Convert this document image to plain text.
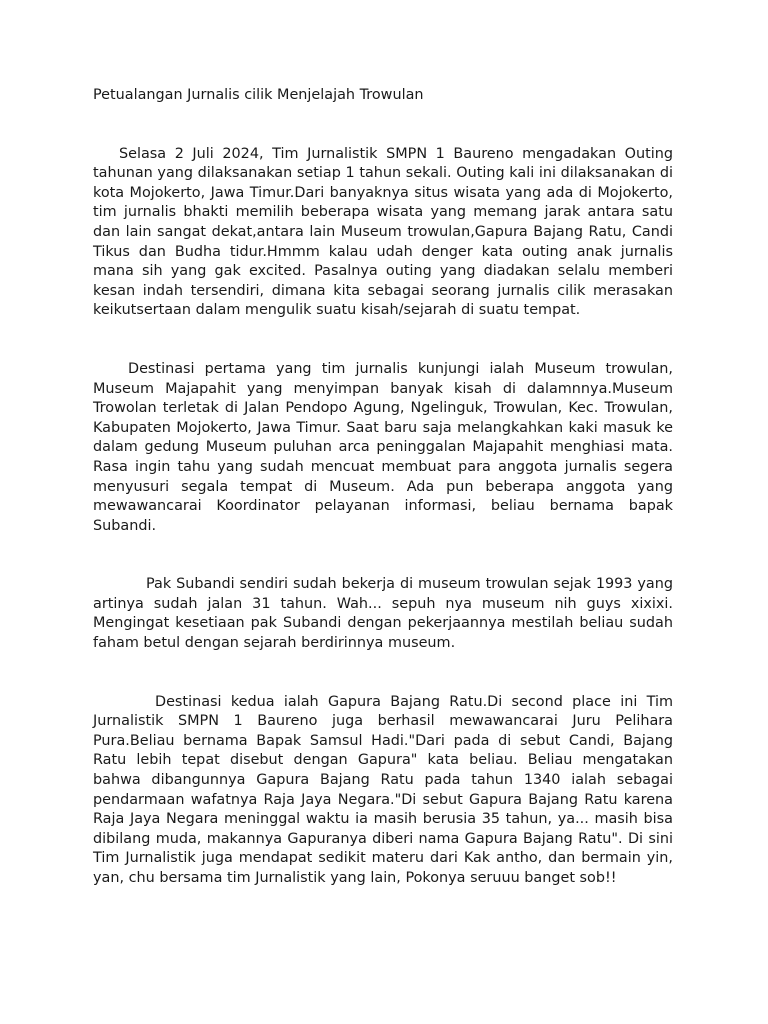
Petualangan Jurnalis cilik Menjelajah Trowulan

Selasa 2 Juli 2024, Tim Jurnalistik SMPN 1 Baureno mengadakan Outing tahunan yang dilaksanakan setiap 1 tahun sekali. Outing kali ini dilaksanakan di kota Mojokerto, Jawa Timur.Dari banyaknya situs wisata yang ada di Mojokerto, tim jurnalis bhakti memilih beberapa wisata yang memang jarak antara satu dan lain sangat dekat,antara lain Museum trowulan,Gapura Bajang Ratu, Candi Tikus dan Budha tidur.Hmmm kalau udah denger kata outing anak jurnalis mana sih yang gak excited. Pasalnya outing yang diadakan selalu memberi kesan indah tersendiri, dimana kita sebagai seorang jurnalis cilik merasakan keikutsertaan dalam mengulik suatu kisah/sejarah di suatu tempat.

Destinasi pertama yang tim jurnalis kunjungi ialah Museum trowulan, Museum Majapahit yang menyimpan banyak kisah di dalamnnya.Museum Trowolan terletak di Jalan Pendopo Agung, Ngelinguk, Trowulan, Kec. Trowulan, Kabupaten Mojokerto, Jawa Timur. Saat baru saja melangkahkan kaki masuk ke dalam gedung Museum puluhan arca peninggalan Majapahit menghiasi mata. Rasa ingin tahu yang sudah mencuat membuat para anggota jurnalis segera menyusuri segala tempat di Museum. Ada pun beberapa anggota yang mewawancarai Koordinator pelayanan informasi, beliau bernama bapak Subandi.

Pak Subandi sendiri sudah bekerja di museum trowulan sejak 1993 yang artinya sudah jalan 31 tahun. Wah... sepuh nya museum nih guys xixixi. Mengingat kesetiaan pak Subandi dengan pekerjaannya mestilah beliau sudah faham betul dengan sejarah berdirinnya museum.

Destinasi kedua ialah Gapura Bajang Ratu.Di second place ini Tim Jurnalistik SMPN 1 Baureno juga berhasil mewawancarai Juru Pelihara Pura.Beliau bernama Bapak Samsul Hadi."Dari pada di sebut Candi, Bajang Ratu lebih tepat disebut dengan Gapura" kata beliau. Beliau mengatakan bahwa dibangunnya Gapura Bajang Ratu pada tahun 1340 ialah sebagai pendarmaan wafatnya Raja Jaya Negara."Di sebut Gapura Bajang Ratu karena Raja Jaya Negara meninggal waktu ia masih berusia 35 tahun, ya... masih bisa dibilang muda, makannya Gapuranya diberi nama Gapura Bajang Ratu". Di sini Tim Jurnalistik juga mendapat sedikit materu dari Kak antho, dan bermain yin, yan, chu bersama tim Jurnalistik yang lain, Pokonya seruuu banget sob!!
